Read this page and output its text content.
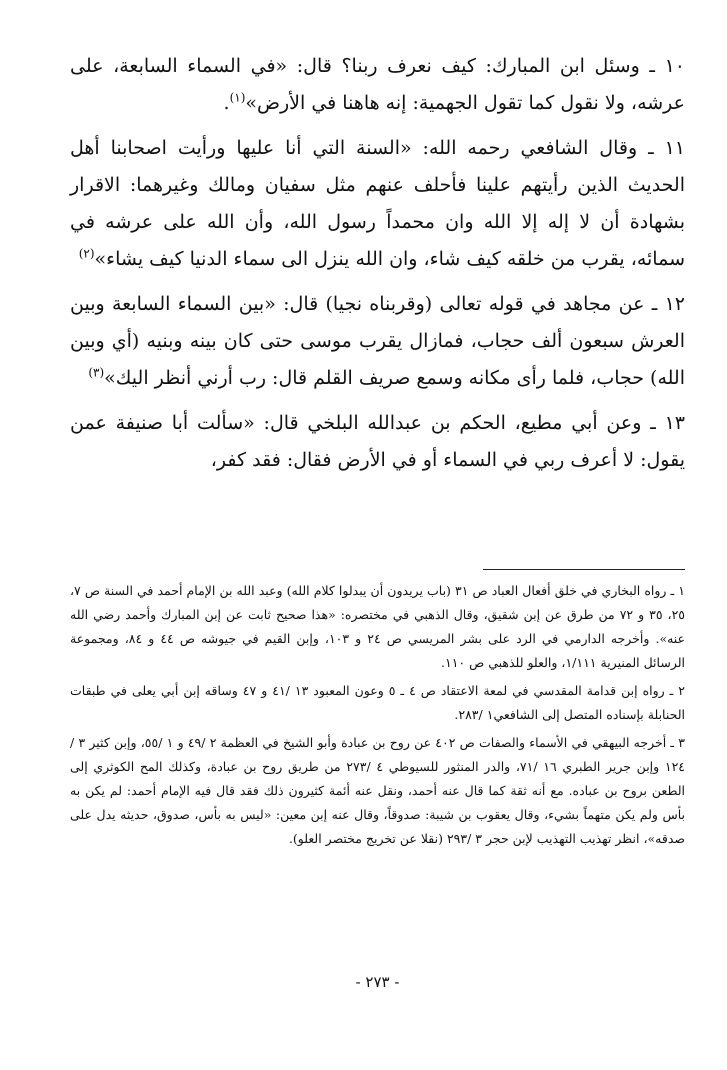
١٠ ـ وسئل ابن المبارك: كيف نعرف ربنا؟ قال: «في السماء السابعة، على عرشه، ولا نقول كما تقول الجهمية: إنه هاهنا في الأرض»$^{(١)}$.

١١ ـ وقال الشافعي رحمه الله: «السنة التي أنا عليها ورأيت اصحابنا أهل الحديث الذين رأيتهم علينا فأحلف عنهم مثل سفيان ومالك وغيرهما: الاقرار بشهادة أن لا إله إلا الله وان محمداً رسول الله، وأن الله على عرشه في سمائه، يقرب من خلقه كيف شاء، وان الله ينزل الى سماء الدنيا كيف يشاء»$^{(٢)}$

١٢ ـ عن مجاهد في قوله تعالى (وقربناه نجيا) قال: «بين السماء السابعة وبين العرش سبعون ألف حجاب، فمازال يقرب موسى حتى كان بينه وبنيه (أي وبين الله) حجاب، فلما رأى مكانه وسمع صريف القلم قال: رب أرني أنظر اليك»$^{(٣)}$

١٣ ـ وعن أبي مطيع، الحكم بن عبدالله البلخي قال: «سألت أبا صنيفة عمن يقول: لا أعرف ربي في السماء أو في الأرض فقال: فقد كفر،

١ ـ رواه البخاري في خلق أفعال العباد ص ٣١ (باب يريدون أن يبدلوا كلام الله) وعبد الله بن الإمام أحمد في السنة ص ٧، ٢٥، ٣٥ و ٧٢ من طرق عن إبن شقيق، وقال الذهبي في مختصره: «هذا صحيح ثابت عن إبن المبارك وأحمد رضي الله عنه». وأخرجه الدارمي في الرد على بشر المريسي ص ٢٤ و ١٠٣، وإبن القيم في جيوشه ص ٤٤ و ٨٤، ومجموعة الرسائل المنيرية ١/١١١، والعلو للذهبي ص ١١٠.

٢ ـ رواه إبن قدامة المقدسي في لمعة الاعتقاد ص ٤ ـ ٥ وعون المعبود ١٣ /٤١ و ٤٧ وساقه إبن أبي يعلى في طبقات الحنابلة بإسناده المتصل إلى الشافعي١ /٢٨٣.

٣ ـ أخرجه البيهقي في الأسماء والصفات ص ٤٠٢ عن روح بن عبادة وأبو الشيخ في العظمة ٢ /٤٩ و ١ /٥٥، وإبن كثير ٣ /١٢٤ وإبن جرير الطبري ١٦ /٧١، والدر المنثور للسيوطي ٤ /٢٧٣ من طريق روح بن عبادة، وكذلك المح الكوثري إلى الطعن بروح بن عباده. مع أنه ثقة كما قال عنه أحمد، ونقل عنه أئمة كثيرون ذلك فقد قال فيه الإمام أحمد: لم يكن به بأس ولم يكن متهماً بشيء، وقال يعقوب بن شيبة: صدوقاً، وقال عنه إبن معين: «ليس به بأس، صدوق، حديثه يدل على صدقه»، انظر تهذيب التهذيب لإبن حجر ٣ /٢٩٣ (نقلا عن تخريج مختصر العلو).

- ٢٧٣ -
